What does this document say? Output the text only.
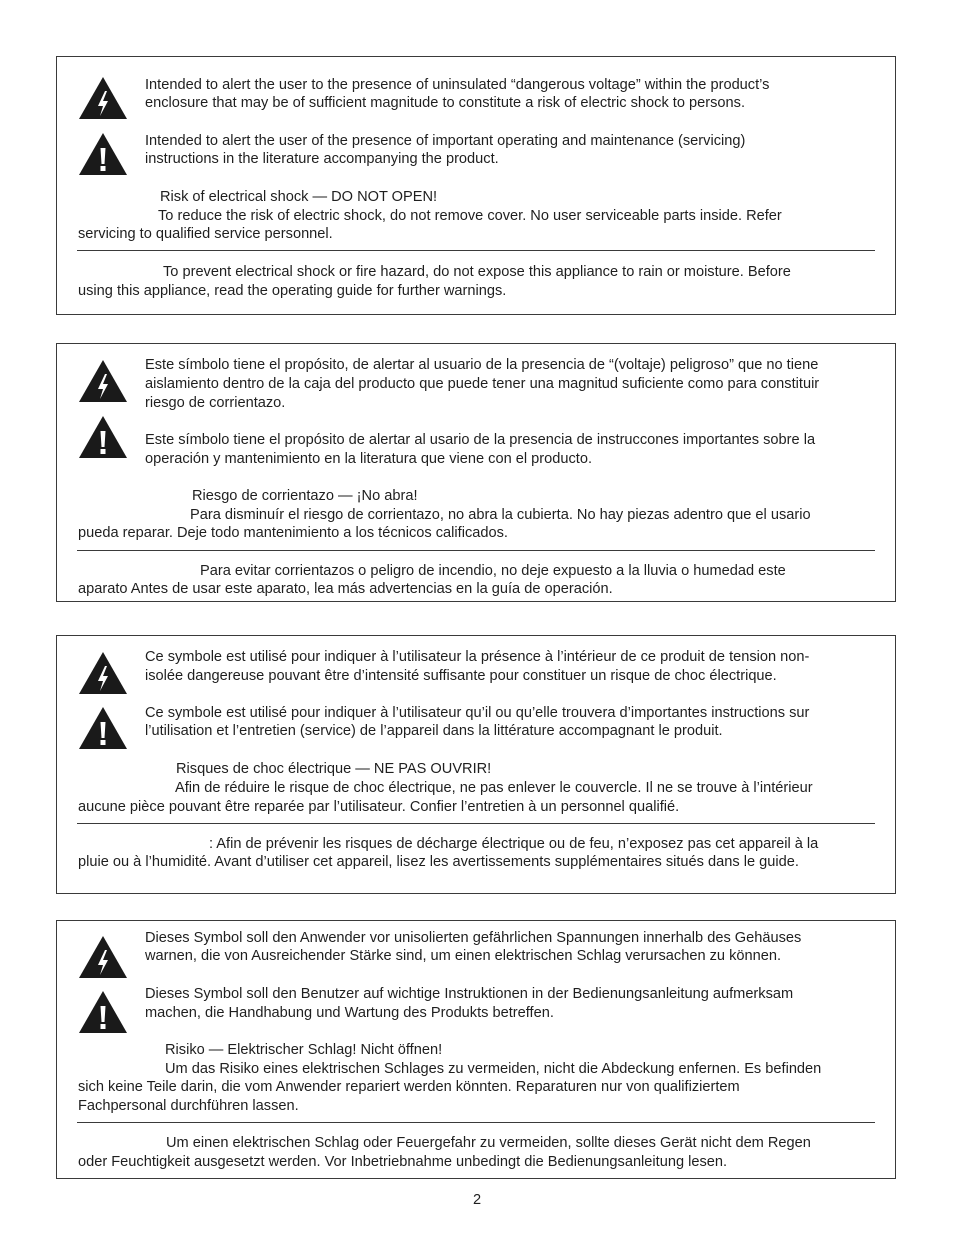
Intended to alert the user to the presence of uninsulated “dangerous voltage” within the product’s
enclosure that may be of sufficient magnitude to constitute a risk of electric shock to persons.
Intended to alert the user of the presence of important operating and maintenance (servicing)
instructions in the literature accompanying the product.
Risk of electrical shock — DO NOT OPEN!
To reduce the risk of electric shock, do not remove cover. No user serviceable parts inside. Refer
servicing to qualified service personnel.
To prevent electrical shock or fire hazard, do not expose this appliance to rain or moisture. Before
using this appliance, read the operating guide for further warnings.
Este símbolo tiene el propósito, de alertar al usuario de la presencia de “(voltaje) peligroso” que no tiene
aislamiento dentro de la caja del producto que puede tener una magnitud suficiente como para constituir
riesgo de corrientazo.
Este símbolo tiene el propósito de alertar al usario de la presencia de instruccones importantes sobre la
operación y mantenimiento en la literatura que viene con el producto.
Riesgo de corrientazo — ¡No abra!
Para disminuír el riesgo de corrientazo, no abra la cubierta. No hay piezas adentro que el usario
pueda reparar. Deje todo mantenimiento a los técnicos calificados.
Para evitar corrientazos o peligro de incendio, no deje expuesto a la lluvia o humedad este
aparato Antes de usar este aparato, lea más advertencias en la guía de operación.
Ce symbole est utilisé pour indiquer à l’utilisateur la présence à l’intérieur de ce produit de tension non-
isolée dangereuse pouvant être d’intensité suffisante pour constituer un risque de choc électrique.
Ce symbole est utilisé pour indiquer à l’utilisateur qu’il ou qu’elle trouvera d’importantes instructions sur
l’utilisation et l’entretien (service) de l’appareil dans la littérature accompagnant le produit.
Risques de choc électrique — NE PAS OUVRIR!
Afin de réduire le risque de choc électrique, ne pas enlever le couvercle. Il ne se trouve à l’intérieur
aucune pièce pouvant être reparée par l’utilisateur. Confier l’entretien à un personnel qualifié.
: Afin de prévenir les risques de décharge électrique ou de feu, n’exposez pas cet appareil à la
pluie ou à l’humidité. Avant d’utiliser cet appareil, lisez les avertissements supplémentaires situés dans le guide.
Dieses Symbol soll den Anwender vor unisolierten gefährlichen Spannungen innerhalb des Gehäuses
warnen, die von Ausreichender Stärke sind, um einen elektrischen Schlag verursachen zu können.
Dieses Symbol soll den Benutzer auf wichtige Instruktionen in der Bedienungsanleitung aufmerksam
machen, die Handhabung und Wartung des Produkts betreffen.
Risiko — Elektrischer Schlag! Nicht öffnen!
Um das Risiko eines elektrischen Schlages zu vermeiden, nicht die Abdeckung enfernen. Es befinden
sich keine Teile darin, die vom Anwender repariert werden könnten. Reparaturen nur von qualifiziertem
Fachpersonal durchführen lassen.
Um einen elektrischen Schlag oder Feuergefahr zu vermeiden, sollte dieses Gerät nicht dem Regen
oder Feuchtigkeit ausgesetzt werden. Vor Inbetriebnahme unbedingt die Bedienungsanleitung lesen.
2
